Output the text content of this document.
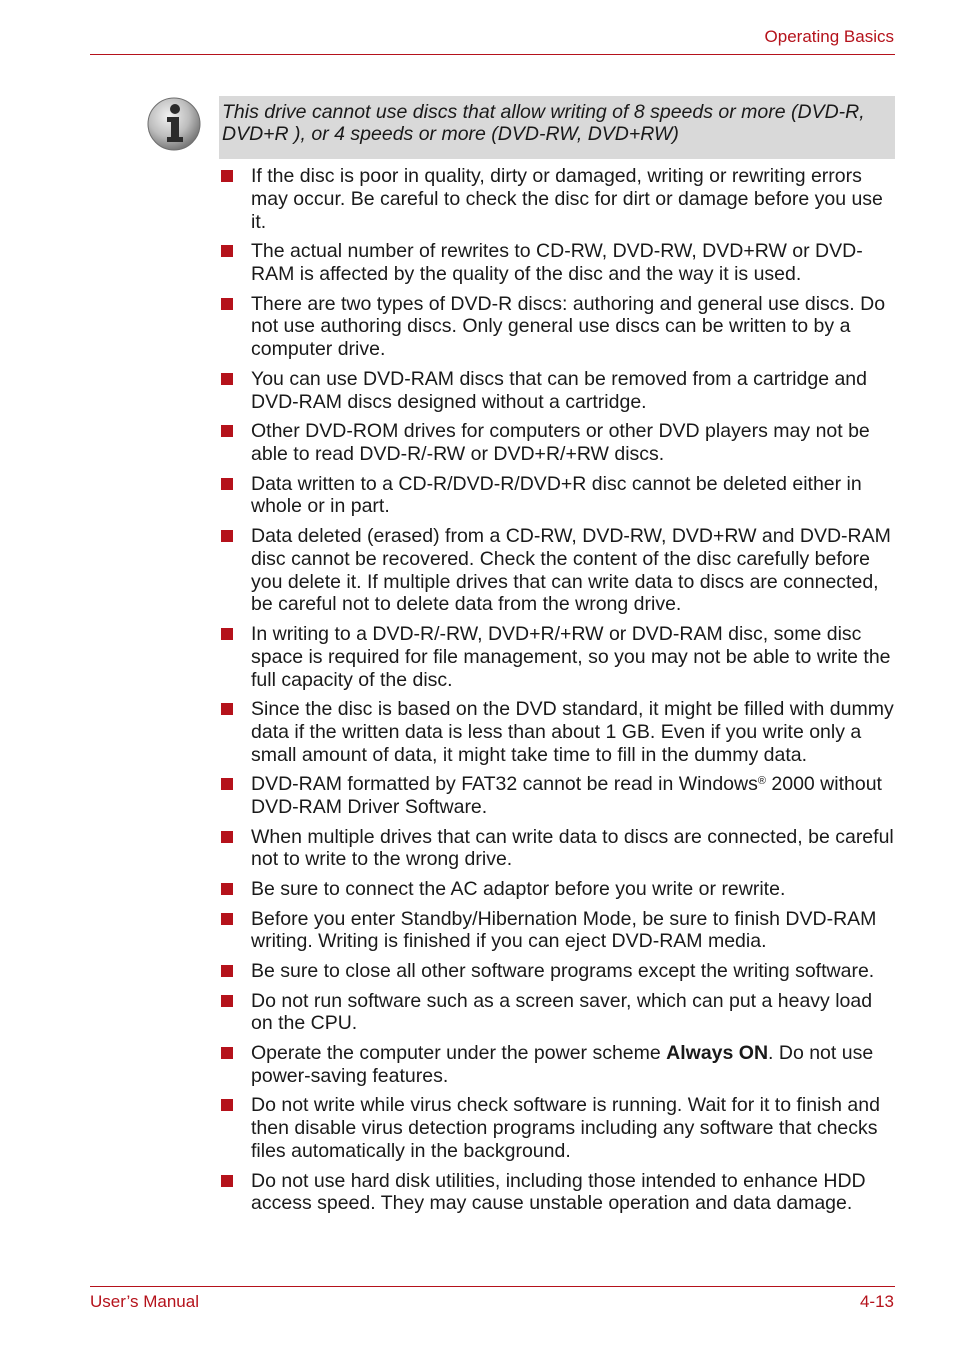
Operating Basics

This drive cannot use discs that allow writing of 8 speeds or more (DVD-R, DVD+R ), or 4 speeds or more (DVD-RW, DVD+RW)

If the disc is poor in quality, dirty or damaged, writing or rewriting errors may occur. Be careful to check the disc for dirt or damage before you use it.
The actual number of rewrites to CD-RW, DVD-RW, DVD+RW or DVD-RAM is affected by the quality of the disc and the way it is used.
There are two types of DVD-R discs: authoring and general use discs. Do not use authoring discs. Only general use discs can be written to by a computer drive.
You can use DVD-RAM discs that can be removed from a cartridge and DVD-RAM discs designed without a cartridge.
Other DVD-ROM drives for computers or other DVD players may not be able to read DVD-R/-RW or DVD+R/+RW discs.
Data written to a CD-R/DVD-R/DVD+R disc cannot be deleted either in whole or in part.
Data deleted (erased) from a CD-RW, DVD-RW, DVD+RW and DVD-RAM disc cannot be recovered. Check the content of the disc carefully before you delete it. If multiple drives that can write data to discs are connected, be careful not to delete data from the wrong drive.
In writing to a DVD-R/-RW, DVD+R/+RW or DVD-RAM disc, some disc space is required for file management, so you may not be able to write the full capacity of the disc.
Since the disc is based on the DVD standard, it might be filled with dummy data if the written data is less than about 1 GB. Even if you write only a small amount of data, it might take time to fill in the dummy data.
DVD-RAM formatted by FAT32 cannot be read in Windows® 2000 without DVD-RAM Driver Software.
When multiple drives that can write data to discs are connected, be careful not to write to the wrong drive.
Be sure to connect the AC adaptor before you write or rewrite.
Before you enter Standby/Hibernation Mode, be sure to finish DVD-RAM writing. Writing is finished if you can eject DVD-RAM media.
Be sure to close all other software programs except the writing software.
Do not run software such as a screen saver, which can put a heavy load on the CPU.
Operate the computer under the power scheme Always ON. Do not use power-saving features.
Do not write while virus check software is running. Wait for it to finish and then disable virus detection programs including any software that checks files automatically in the background.
Do not use hard disk utilities, including those intended to enhance HDD access speed. They may cause unstable operation and data damage.
User’s Manual	4-13
